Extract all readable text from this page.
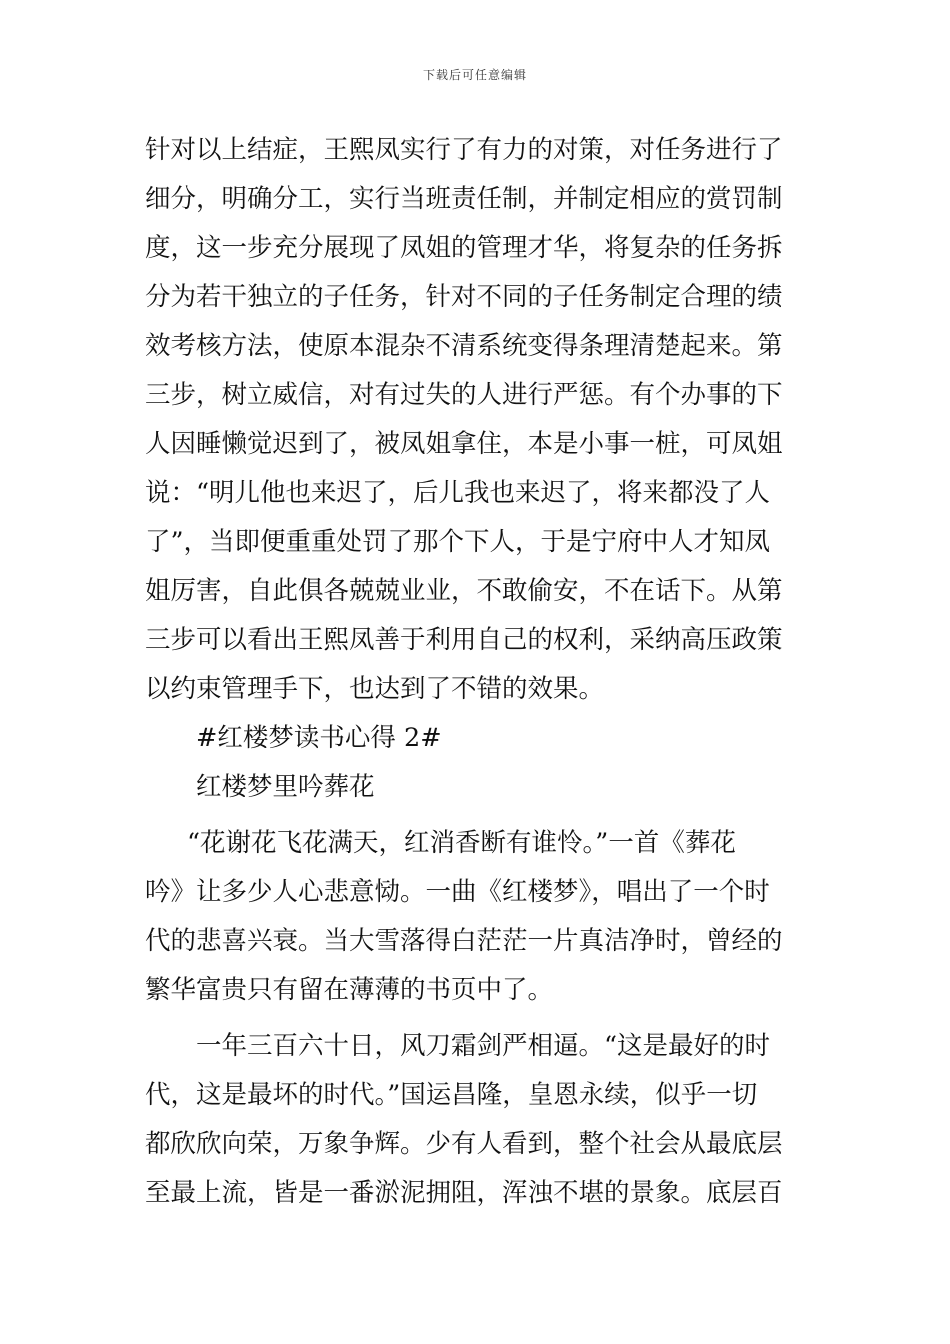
下载后可任意编辑
针对以上结症，王熙凤实行了有力的对策，对任务进行了
细分，明确分工，实行当班责任制，并制定相应的赏罚制
度，这一步充分展现了凤姐的管理才华，将复杂的任务拆
分为若干独立的子任务，针对不同的子任务制定合理的绩
效考核方法，使原本混杂不清系统变得条理清楚起来。第
三步，树立威信，对有过失的人进行严惩。有个办事的下
人因睡懒觉迟到了，被凤姐拿住，本是小事一桩，可凤姐
说：“明儿他也来迟了，后儿我也来迟了，将来都没了人
了”，当即便重重处罚了那个下人，于是宁府中人才知凤
姐厉害，自此俱各兢兢业业，不敢偷安，不在话下。从第
三步可以看出王熙凤善于利用自己的权利，采纳高压政策
以约束管理手下，也达到了不错的效果。
#红楼梦读书心得 2#
红楼梦里吟葬花
“花谢花飞花满天，红消香断有谁怜。”一首《葬花
吟》让多少人心悲意恸。一曲《红楼梦》，唱出了一个时
代的悲喜兴衰。当大雪落得白茫茫一片真洁净时，曾经的
繁华富贵只有留在薄薄的书页中了。
一年三百六十日，风刀霜剑严相逼。“这是最好的时
代，这是最坏的时代。”国运昌隆，皇恩永续，似乎一切
都欣欣向荣，万象争辉。少有人看到，整个社会从最底层
至最上流，皆是一番淤泥拥阻，浑浊不堪的景象。底层百
